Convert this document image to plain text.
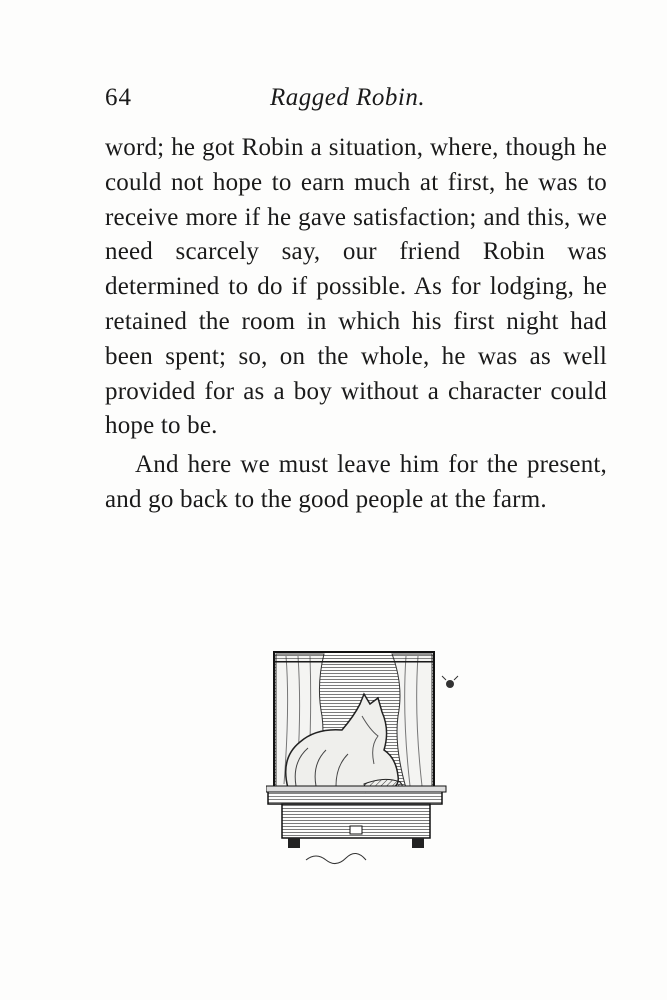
64	Ragged Robin.

word; he got Robin a situation, where, though he could not hope to earn much at first, he was to receive more if he gave satisfaction; and this, we need scarcely say, our friend Robin was determined to do if possible. As for lodging, he retained the room in which his first night had been spent; so, on the whole, he was as well provided for as a boy without a character could hope to be.

And here we must leave him for the present, and go back to the good people at the farm.
